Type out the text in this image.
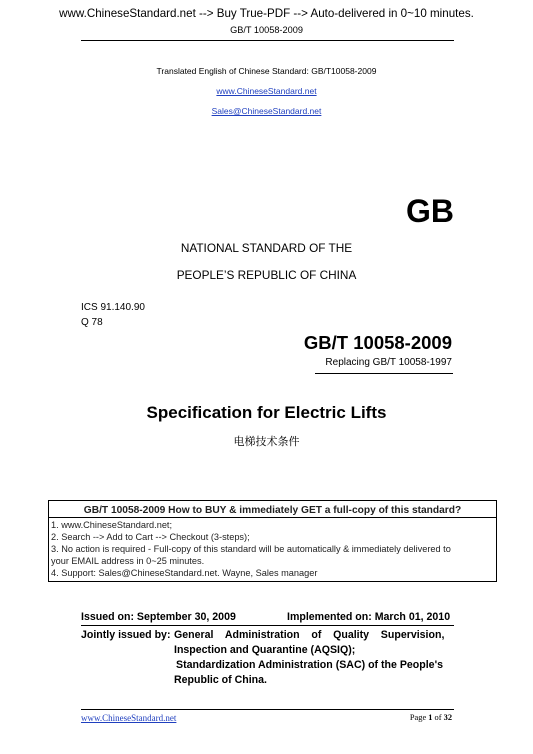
www.ChineseStandard.net --> Buy True-PDF --> Auto-delivered in 0~10 minutes.
GB/T 10058-2009
Translated English of Chinese Standard: GB/T10058-2009
www.ChineseStandard.net
Sales@ChineseStandard.net
GB
NATIONAL STANDARD OF THE
PEOPLE’S REPUBLIC OF CHINA
ICS 91.140.90
Q 78
GB/T 10058-2009
Replacing GB/T 10058-1997
Specification for Electric Lifts
电梯技术条件
GB/T 10058-2009 How to BUY & immediately GET a full-copy of this standard?
1. www.ChineseStandard.net;
2. Search --> Add to Cart --> Checkout (3-steps);
3. No action is required - Full-copy of this standard will be automatically & immediately delivered to
your EMAIL address in 0~25 minutes.
4. Support: Sales@ChineseStandard.net. Wayne, Sales manager
Issued on: September 30, 2009	Implemented on: March 01, 2010
Jointly issued by: General    Administration    of    Quality    Supervision,
Inspection and Quarantine (AQSIQ);
Standardization Administration (SAC) of the People's
Republic of China.
www.ChineseStandard.net	Page 1 of 32
